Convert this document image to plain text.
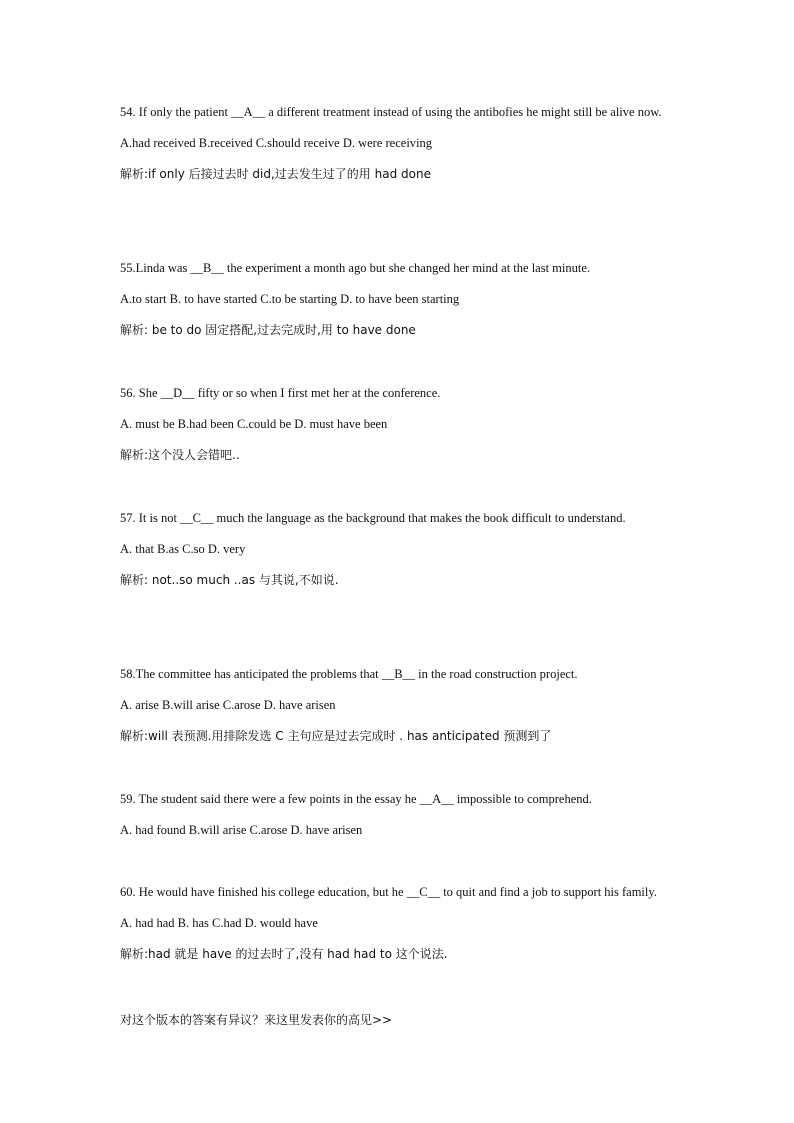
54. If only the patient __A__ a different treatment instead of using the antibofies he might still be alive now.
A.had received B.received C.should receive D. were receiving
解析:if only 后接过去时 did,过去发生过了的用 had done
55.Linda was __B__ the experiment a month ago but she changed her mind at the last minute.
A.to start B. to have started C.to be starting D. to have been starting
解析: be to do 固定搭配,过去完成时,用 to have done
56. She __D__ fifty or so when I first met her at the conference.
A. must be B.had been C.could be D. must have been
解析:这个没人会错吧..
57. It is not __C__ much the language as the background that makes the book difficult to understand.
A. that B.as C.so D. very
解析: not..so much ..as 与其说,不如说.
58.The committee has anticipated the problems that __B__ in the road construction project.
A. arise B.will arise C.arose D. have arisen
解析:will 表预测.用排除发选 C 主句应是过去完成时 . has anticipated 预测到了
59. The student said there were a few points in the essay he __A__ impossible to comprehend.
A. had found B.will arise C.arose D. have arisen
60. He would have finished his college education, but he __C__ to quit and find a job to support his family.
A. had had B. has C.had D. would have
解析:had 就是 have 的过去时了,没有 had had to 这个说法.
对这个版本的答案有异议？来这里发表你的高见>>
